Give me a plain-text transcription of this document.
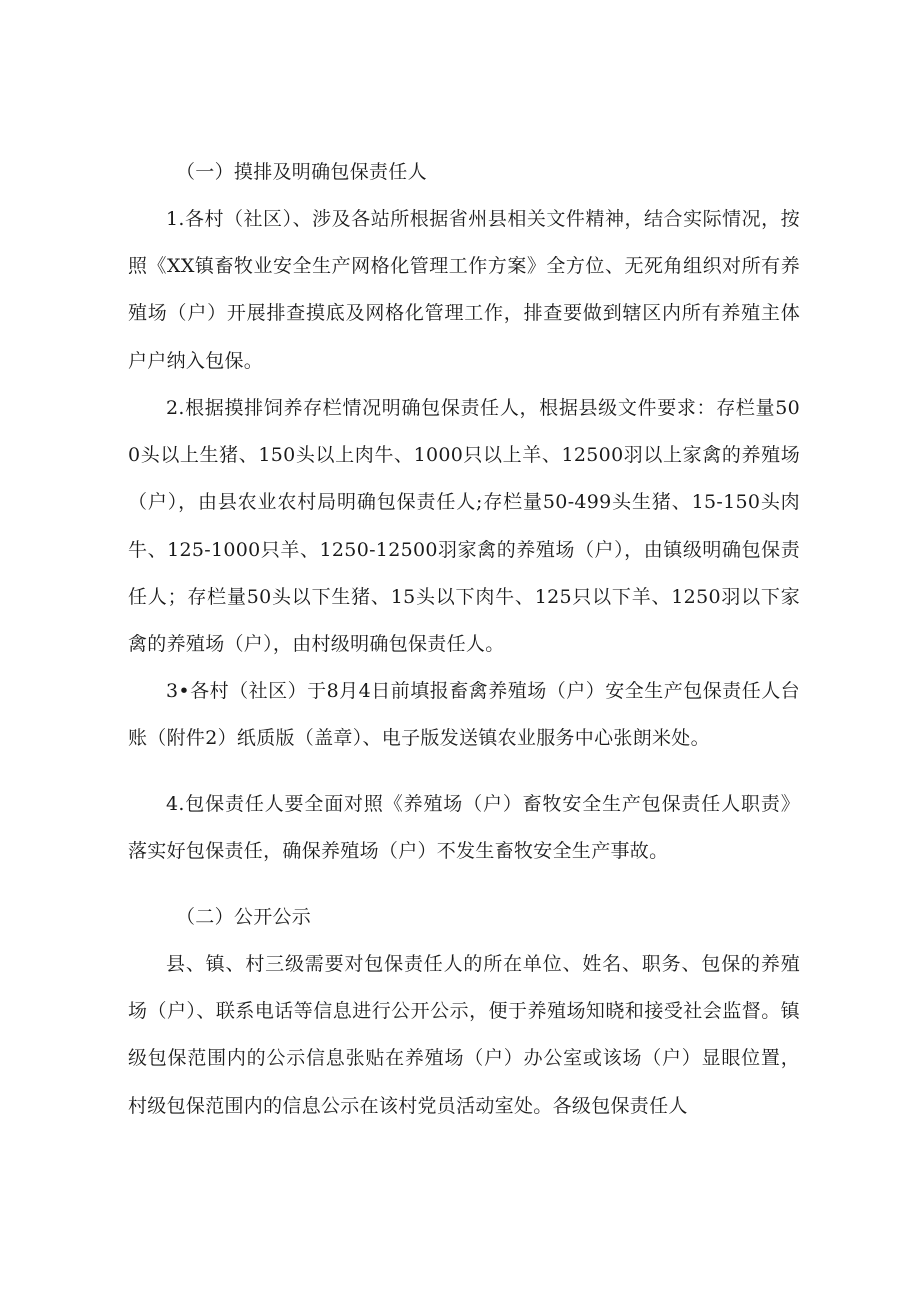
（一）摸排及明确包保责任人

1.各村（社区）、涉及各站所根据省州县相关文件精神，结合实际情况，按照《XX镇畜牧业安全生产网格化管理工作方案》全方位、无死角组织对所有养殖场（户）开展排查摸底及网格化管理工作，排查要做到辖区内所有养殖主体户户纳入包保。

2.根据摸排饲养存栏情况明确包保责任人，根据县级文件要求：存栏量500头以上生猪、150头以上肉牛、1000只以上羊、12500羽以上家禽的养殖场（户），由县农业农村局明确包保责任人;存栏量50-499头生猪、15-150头肉牛、125-1000只羊、1250-12500羽家禽的养殖场（户），由镇级明确包保责任人；存栏量50头以下生猪、15头以下肉牛、125只以下羊、1250羽以下家禽的养殖场（户），由村级明确包保责任人。

3•各村（社区）于8月4日前填报畜禽养殖场（户）安全生产包保责任人台账（附件2）纸质版（盖章）、电子版发送镇农业服务中心张朗米处。

4.包保责任人要全面对照《养殖场（户）畜牧安全生产包保责任人职责》落实好包保责任，确保养殖场（户）不发生畜牧安全生产事故。

（二）公开公示

县、镇、村三级需要对包保责任人的所在单位、姓名、职务、包保的养殖场（户）、联系电话等信息进行公开公示，便于养殖场知晓和接受社会监督。镇级包保范围内的公示信息张贴在养殖场（户）办公室或该场（户）显眼位置，村级包保范围内的信息公示在该村党员活动室处。各级包保责任人
